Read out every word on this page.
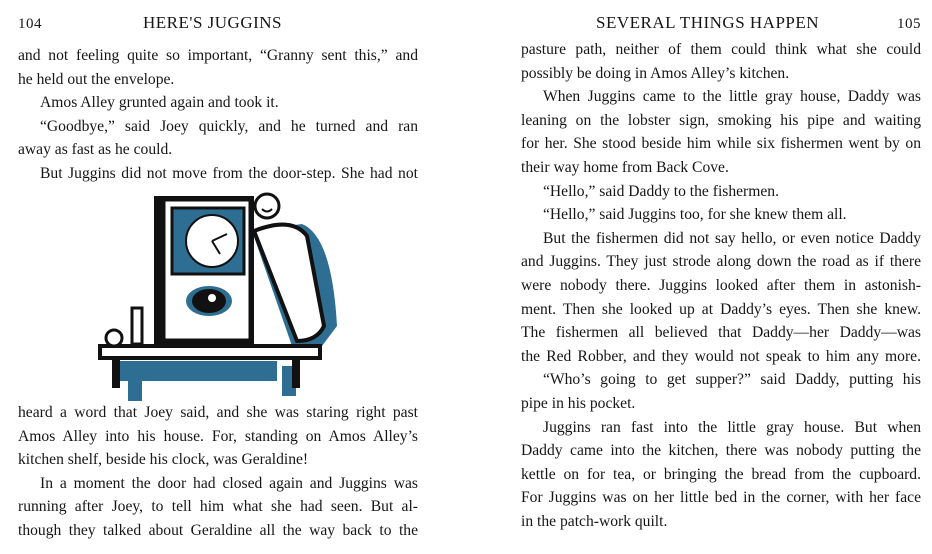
104	HERE'S JUGGINS
and not feeling quite so important, “Granny sent this,” and
he held out the envelope.
Amos Alley grunted again and took it.
“Goodbye,” said Joey quickly, and he turned and ran
away as fast as he could.
But Juggins did not move from the door-step. She had not
heard a word that Joey said, and she was staring right past
Amos Alley into his house. For, standing on Amos Alley’s
kitchen shelf, beside his clock, was Geraldine!
In a moment the door had closed again and Juggins was
running after Joey, to tell him what she had seen. But al-
though they talked about Geraldine all the way back to the
SEVERAL THINGS HAPPEN	105
pasture path, neither of them could think what she could
possibly be doing in Amos Alley’s kitchen.
When Juggins came to the little gray house, Daddy was
leaning on the lobster sign, smoking his pipe and waiting
for her. She stood beside him while six fishermen went by on
their way home from Back Cove.
“Hello,” said Daddy to the fishermen.
“Hello,” said Juggins too, for she knew them all.
But the fishermen did not say hello, or even notice Daddy
and Juggins. They just strode along down the road as if there
were nobody there. Juggins looked after them in astonish-
ment. Then she looked up at Daddy’s eyes. Then she knew.
The fishermen all believed that Daddy—her Daddy—was
the Red Robber, and they would not speak to him any more.
“Who’s going to get supper?” said Daddy, putting his
pipe in his pocket.
Juggins ran fast into the little gray house. But when
Daddy came into the kitchen, there was nobody putting the
kettle on for tea, or bringing the bread from the cupboard.
For Juggins was on her little bed in the corner, with her face
in the patch-work quilt.
